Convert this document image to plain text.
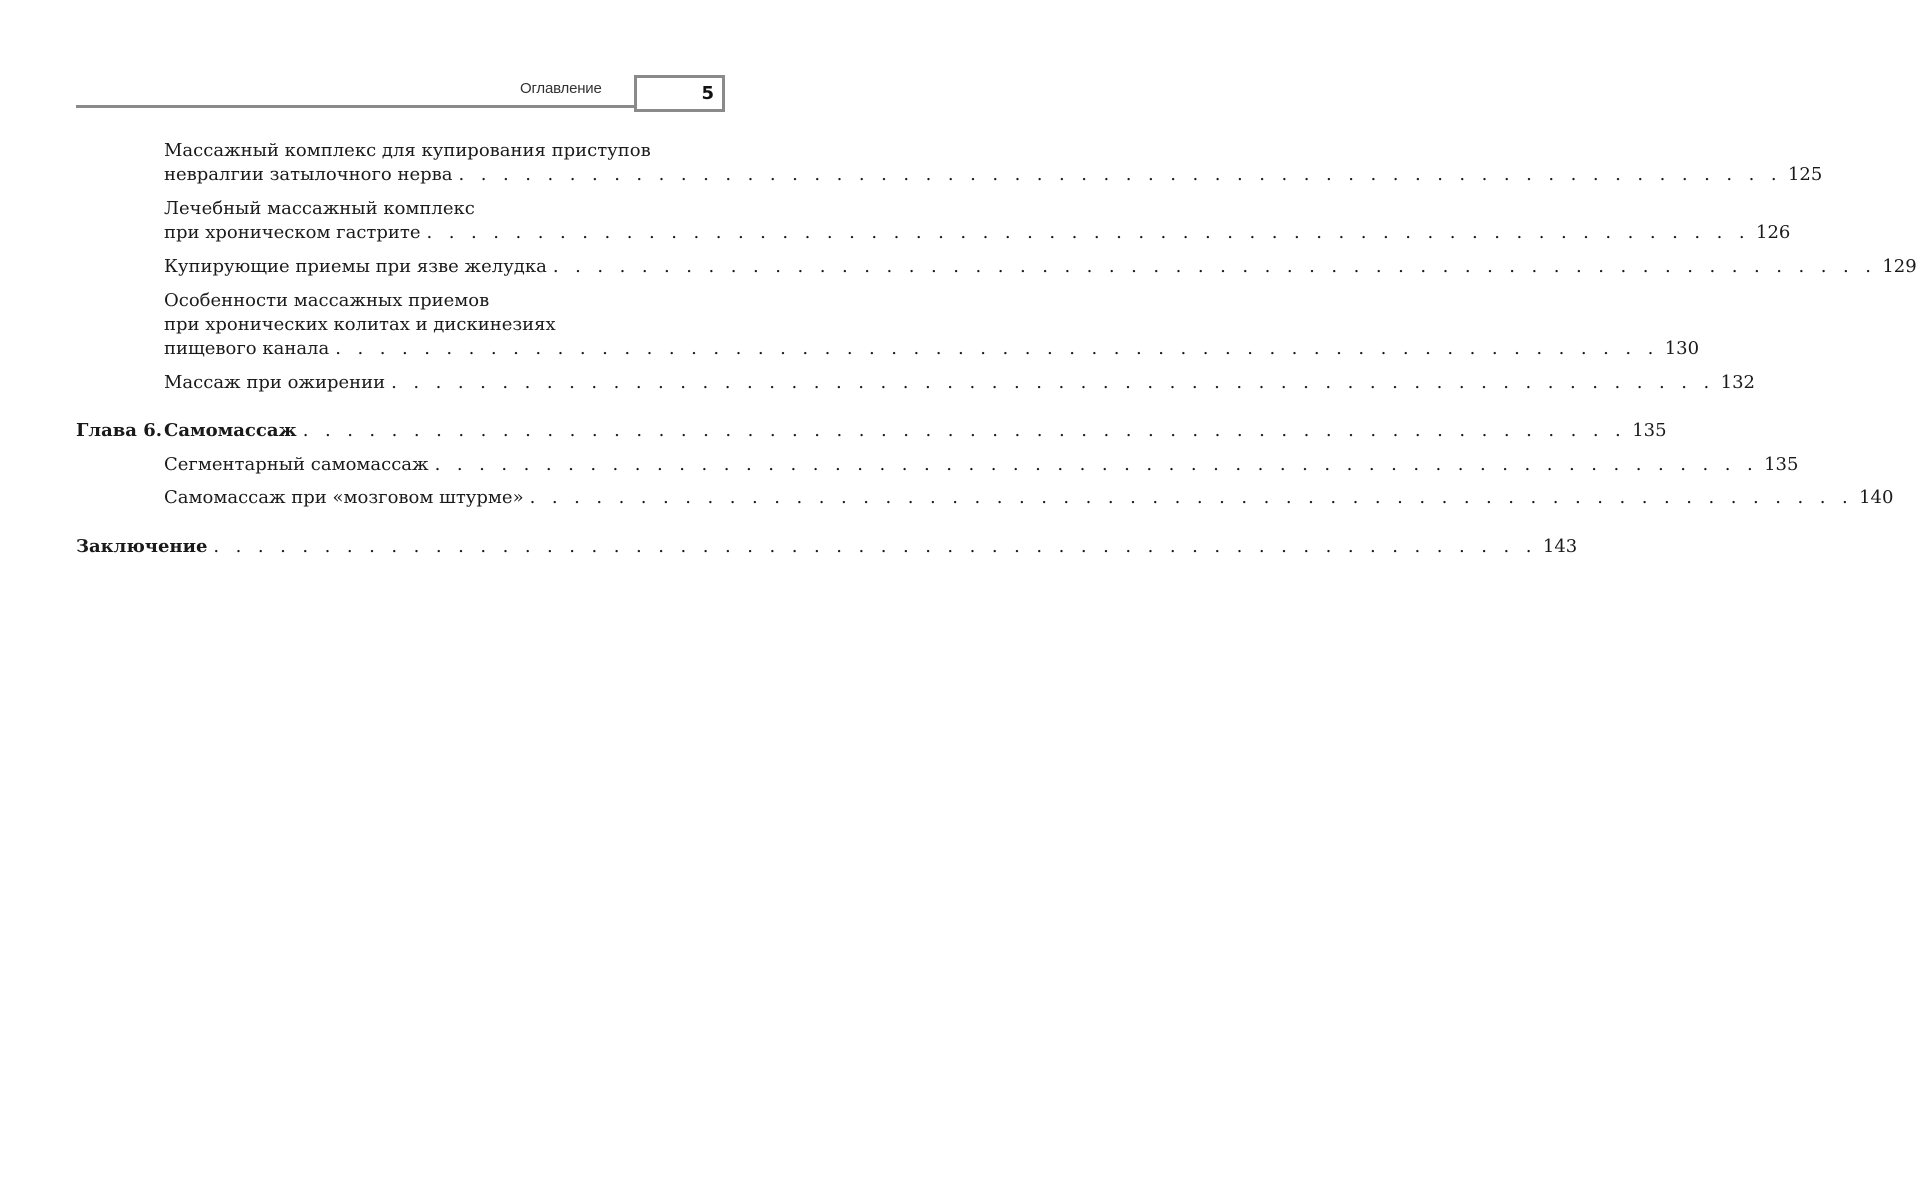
Оглавление	5
Массажный комплекс для купирования приступов
невралгии затылочного нерва . . . . . . . . . . . . . . . . . . . . . . . . . . . . . . . . . . . . . . . . . . . . . . . . . . . . . . . . . . . . 125
Лечебный массажный комплекс
при хроническом гастрите . . . . . . . . . . . . . . . . . . . . . . . . . . . . . . . . . . . . . . . . . . . . . . . . . . . . . . . . . . . . 126
Купирующие приемы при язве желудка . . . . . . . . . . . . . . . . . . . . . . . . . . . . . . . . . . . . . . . . . . . . . . . . . . . . . . . . . . . . 129
Особенности массажных приемов
при хронических колитах и дискинезиях
пищевого канала . . . . . . . . . . . . . . . . . . . . . . . . . . . . . . . . . . . . . . . . . . . . . . . . . . . . . . . . . . . . 130
Массаж при ожирении . . . . . . . . . . . . . . . . . . . . . . . . . . . . . . . . . . . . . . . . . . . . . . . . . . . . . . . . . . . . 132
Глава 6. Самомассаж . . . . . . . . . . . . . . . . . . . . . . . . . . . . . . . . . . . . . . . . . . . . . . . . . . . . . . . . . . . . 135
Сегментарный самомассаж . . . . . . . . . . . . . . . . . . . . . . . . . . . . . . . . . . . . . . . . . . . . . . . . . . . . . . . . . . . . 135
Самомассаж при «мозговом штурме» . . . . . . . . . . . . . . . . . . . . . . . . . . . . . . . . . . . . . . . . . . . . . . . . . . . . . . . . . . . . 140
Заключение . . . . . . . . . . . . . . . . . . . . . . . . . . . . . . . . . . . . . . . . . . . . . . . . . . . . . . . . . . . . 143
